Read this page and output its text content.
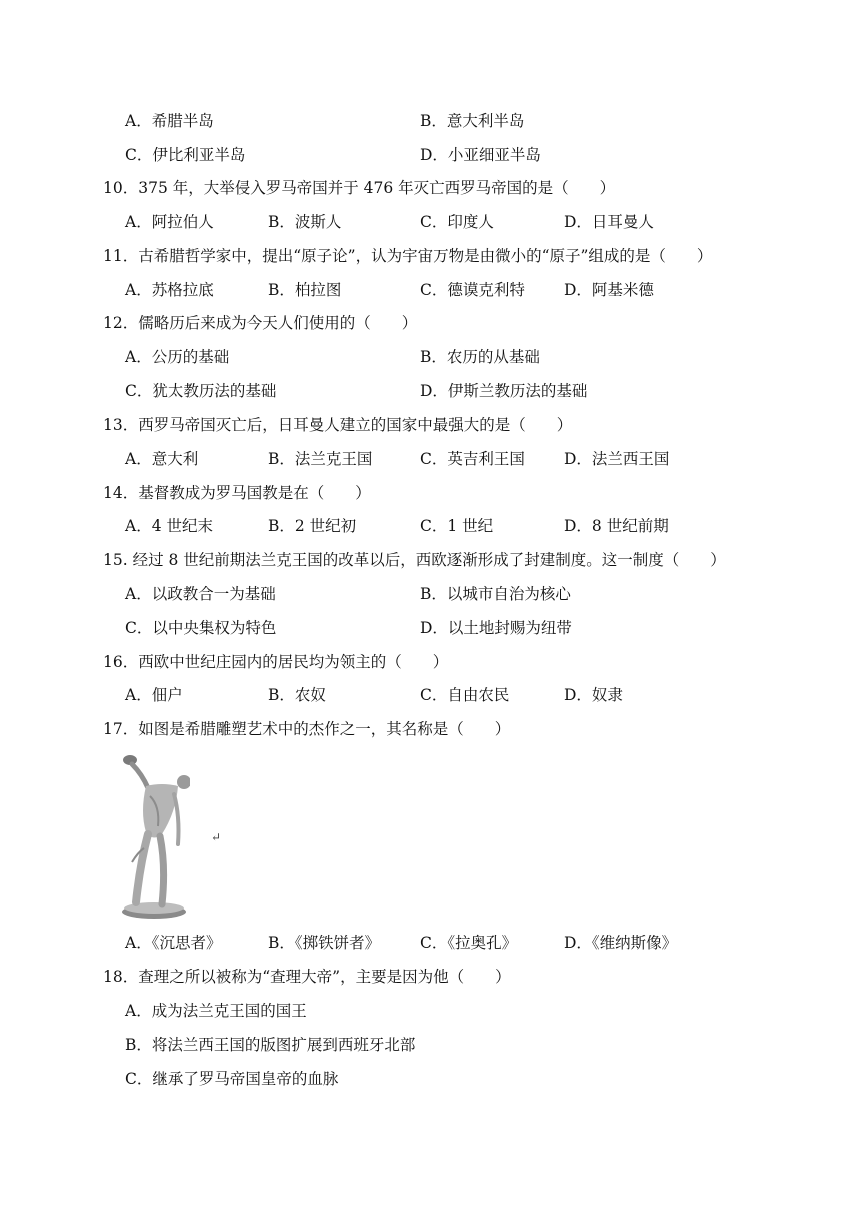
A．希腊半岛	B．意大利半岛
C．伊比利亚半岛	D．小亚细亚半岛
10．375 年，大举侵入罗马帝国并于 476 年灭亡西罗马帝国的是（　　）
A．阿拉伯人	B．波斯人	C．印度人	D．日耳曼人
11．古希腊哲学家中，提出“原子论”，认为宇宙万物是由微小的“原子”组成的是（　　）
A．苏格拉底	B．柏拉图	C．德谟克利特	D．阿基米德
12．儒略历后来成为今天人们使用的（　　）
A．公历的基础	B．农历的从基础
C．犹太教历法的基础	D．伊斯兰教历法的基础
13．西罗马帝国灭亡后，日耳曼人建立的国家中最强大的是（　　）
A．意大利	B．法兰克王国	C．英吉利王国	D．法兰西王国
14．基督教成为罗马国教是在（　　）
A．4 世纪末	B．2 世纪初	C．1 世纪	D．8 世纪前期
15. 经过 8 世纪前期法兰克王国的改革以后，西欧逐渐形成了封建制度。这一制度（　　）
A．以政教合一为基础	B．以城市自治为核心
C．以中央集权为特色	D．以土地封赐为纽带
16．西欧中世纪庄园内的居民均为领主的（　　）
A．佃户	B．农奴	C．自由农民	D．奴隶
17．如图是希腊雕塑艺术中的杰作之一，其名称是（　　）
↵
A．《沉思者》	B．《掷铁饼者》	C．《拉奥孔》	D．《维纳斯像》
18．查理之所以被称为“查理大帝”，主要是因为他（　　）
A．成为法兰克王国的国王
B．将法兰西王国的版图扩展到西班牙北部
C．继承了罗马帝国皇帝的血脉
